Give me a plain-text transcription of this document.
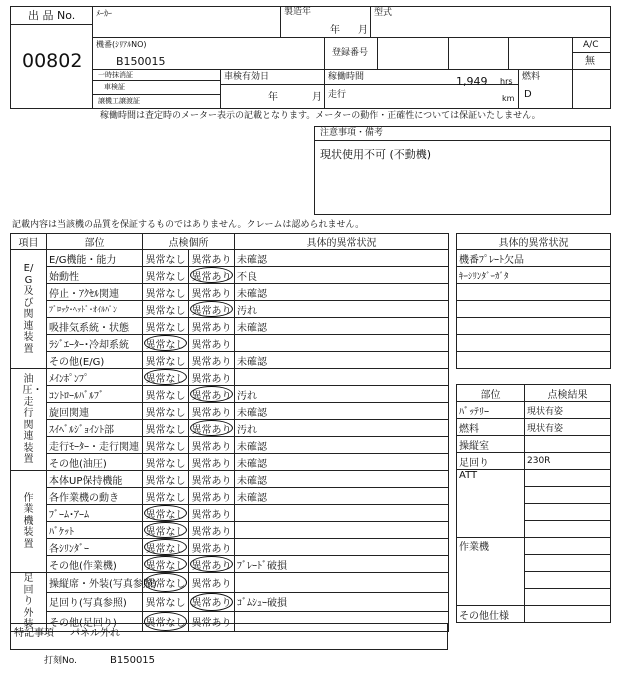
出 品 No.
00802
ﾒｰｶｰ	製造年
年 月
型式
機番(ｼﾘｱﾙNO)
B150015
登録番号
A/C
無
一時抹消証
車検証
譲機工譲渡証
車検有効日
年	月
稼働時間	1,949 hrs
走行	km
燃料
D
稼働時間は査定時のメーター表示の記載となります。メーターの動作・正確性については保証いたしません。
注意事項・備考
現状使用不可 (不動機)
記載内容は当該機の品質を保証するものではありません。クレームは認められません。
項目	部位	点検個所		具体的異常状況

E/G及び関連装置	E/G機能・能力	異常なし	異常あり	未確認
	始動性	異常なし	異常あり	不良
	停止・ｱｸｾﾙ関連	異常なし	異常あり	未確認
	ﾌﾞﾛｯｸ･ﾍｯﾄﾞ･ｵｲﾙﾊﾟﾝ	異常なし	異常あり	汚れ
	吸排気系統・状態	異常なし	異常あり	未確認
	ﾗｼﾞｴｰﾀｰ･冷却系統	異常なし	異常あり	
	その他(E/G)	異常なし	異常あり	未確認

油圧・走行関連装置	ﾒｲﾝﾎﾟﾝﾌﾟ	異常なし	異常あり	
	ｺﾝﾄﾛｰﾙﾊﾞﾙﾌﾞ	異常なし	異常あり	汚れ
	旋回関連	異常なし	異常あり	未確認
	ｽｲﾍﾞﾙｼﾞｮｲﾝﾄ部	異常なし	異常あり	汚れ
	走行ﾓｰﾀｰ・走行関連	異常なし	異常あり	未確認
	その他(油圧)	異常なし	異常あり	未確認

作業機装置	本体UP保持機能	異常なし	異常あり	未確認
	各作業機の動き	異常なし	異常あり	未確認
	ﾌﾞｰﾑ･ｱｰﾑ	異常なし	異常あり	
	ﾊﾞｹｯﾄ	異常なし	異常あり	
	各ｼﾘﾝﾀﾞｰ	異常なし	異常あり	
	その他(作業機)	異常なし	異常あり	ﾌﾞﾚｰﾄﾞ破損

足回り外装	操縦席・外装(写真参照)	異常なし	異常あり	
	足回り(写真参照)	異常なし	異常あり	ｺﾞﾑｼｭｰ破損
	その他(足回り)	異常なし	異常あり	
特記事項 パネル外れ
打刻No.	B150015
具体的異常状況
機番ﾌﾟﾚｰﾄ欠品
ｷｰｼﾘﾝﾀﾞｰｶﾞﾀ

部位	点検結果
ﾊﾞｯﾃﾘｰ	現状有姿
燃料	現状有姿
操縦室	
足回り	230R
ATT	

作業機	

その他仕様	
